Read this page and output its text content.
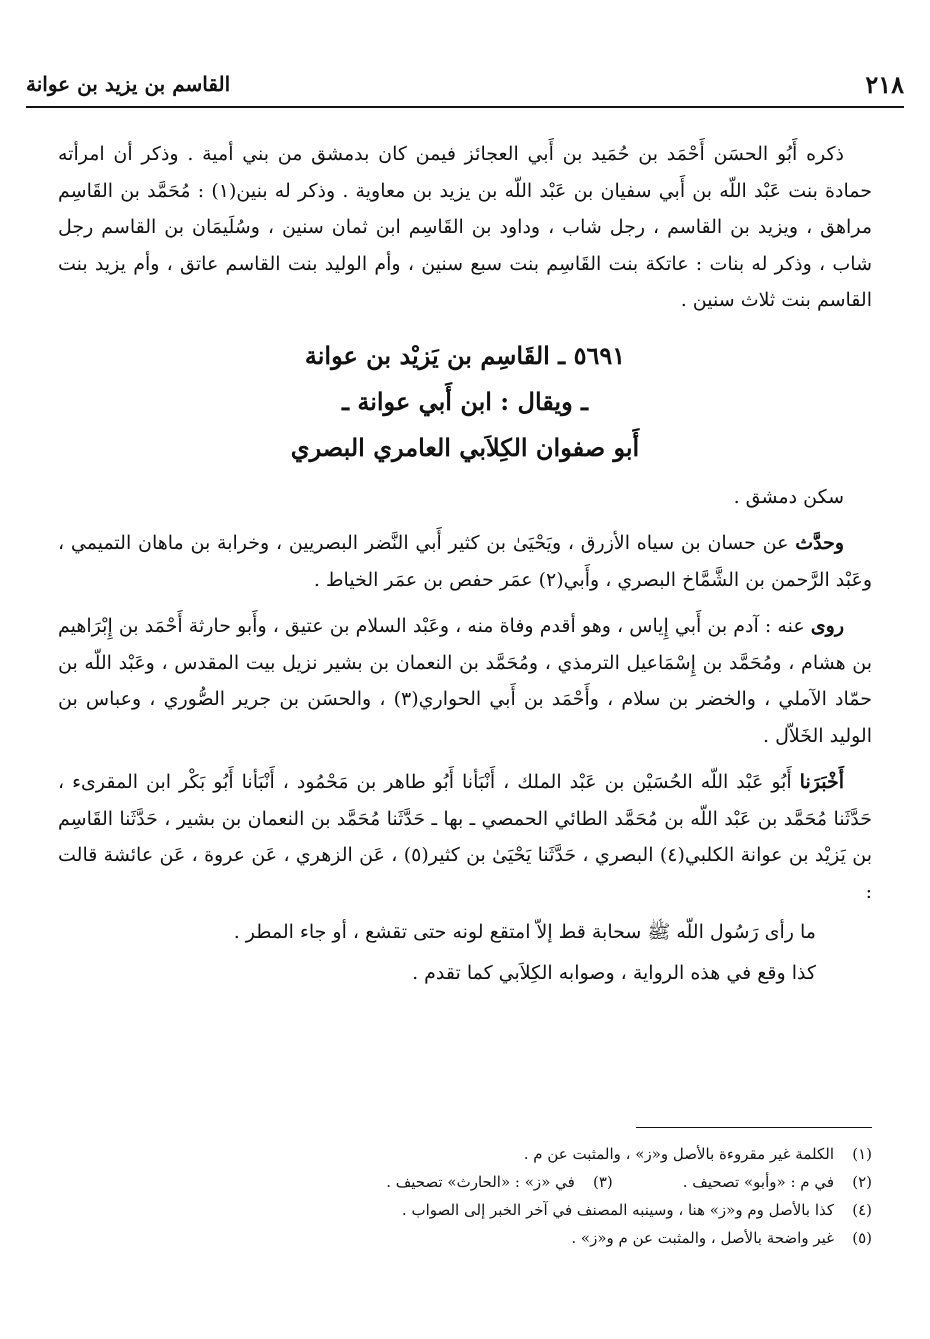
٢١٨
القاسم بن يزيد بن عوانة

ذكره أَبُو الحسَن أَحْمَد بن حُمَيد بن أَبي العجائز فيمن كان بدمشق من بني أمية . وذكر أن امرأته حمادة بنت عَبْد اللّه بن أَبي سفيان بن عَبْد اللّه بن يزيد بن معاوية . وذكر له بنين(١) : مُحَمَّد بن القَاسِم مراهق ، ويزيد بن القاسم ، رجل شاب ، وداود بن القَاسِم ابن ثمان سنين ، وسُلَيمَان بن القاسم رجل شاب ، وذكر له بنات : عاتكة بنت القَاسِم بنت سبع سنين ، وأم الوليد بنت القاسم عاتق ، وأم يزيد بنت القاسم بنت ثلاث سنين .

٥٦٩١ ـ القَاسِم بن يَزيْد بن عوانة
ـ ويقال : ابن أَبي عوانة ـ
أَبو صفوان الكِلاَبي العامري البصري

سكن دمشق .

وحدَّث عن حسان بن سياه الأزرق ، ويَحْيَىٰ بن كثير أَبي النَّضر البصريين ، وخرابة بن ماهان التميمي ، وعَبْد الرَّحمن بن الشَّمَّاخ البصري ، وأَبي(٢) عمَر حفص بن عمَر الخياط .

روى عنه : آدم بن أَبي إِياس ، وهو أقدم وفاة منه ، وعَبْد السلام بن عتيق ، وأَبو حارثة أَحْمَد بن إِبْرَاهيم بن هشام ، ومُحَمَّد بن إِسْمَاعيل الترمذي ، ومُحَمَّد بن النعمان بن بشير نزيل بيت المقدس ، وعَبْد اللّه بن حمّاد الآملي ، والخضر بن سلام ، وأَحْمَد بن أَبي الحواري(٣) ، والحسَن بن جرير الصُّوري ، وعباس بن الوليد الخَلاّل .

أَخْبَرَنا أَبُو عَبْد اللّه الحُسَيْن بن عَبْد الملك ، أَنْبَأنا أَبُو طاهر بن مَحْمُود ، أَنْبَأنا أَبُو بَكْر ابن المقرىء ، حَدَّثَنا مُحَمَّد بن عَبْد اللّه بن مُحَمَّد الطائي الحمصي ـ بها ـ حَدَّثَنا مُحَمَّد بن النعمان بن بشير ، حَدَّثَنا القَاسِم بن يَزيْد بن عوانة الكلبي(٤) البصري ، حَدَّثَنا يَحْيَىٰ بن كثير(٥) ، عَن الزهري ، عَن عروة ، عَن عائشة قالت :

ما رأى رَسُول اللّه ﷺ سحابة قط إلاّ امتقع لونه حتى تقشع ، أو جاء المطر .

كذا وقع في هذه الرواية ، وصوابه الكِلاَبي كما تقدم .

(١)
الكلمة غير مقروءة بالأصل و«ز» ، والمثبت عن م .
(٢)
في م : «وأبو» تصحيف .
(٣)
في «ز» : «الحارث» تصحيف .
(٤)
كذا بالأصل وم و«ز» هنا ، وسينبه المصنف في آخر الخبر إلى الصواب .
(٥)
غير واضحة بالأصل ، والمثبت عن م و«ز» .
